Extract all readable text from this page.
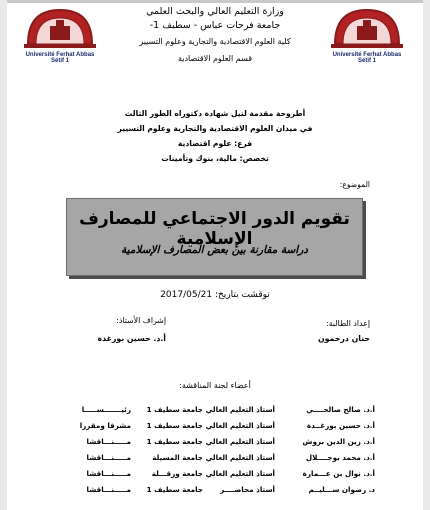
Université Ferhat Abbas Sétif 1
Université Ferhat Abbas Sétif 1
وزارة التعليم العالي والبحث العلمي
جامعة فرحات عباس - سطيف 1-
كلية العلوم الاقتصادية والتجارية وعلوم التسيير
قسم العلوم الاقتصادية
أطروحة مقدمة لنيل شهادة دكتوراه الطور الثالث
في ميدان العلوم الاقتصادية والتجارية وعلوم التسيير
فرع: علوم اقتصادية
تخصص: مالية، بنوك وتأمينات
الموضوع:
تقويم الدور الاجتماعي للمصارف الإسلامية
دراسة مقارنة بين بعض المصارف الإسلامية
نوقشت بتاريخ: 2017/05/21
إعداد الطالبة:
حنان درحمون
إشراف الأستاذ:
أ.د. حسين بورغدة
أعضاء لجنة المناقشة:
أ.د. صالح صالحــــي
أستاذ التعليم العالي
جامعة سطيف 1
رئيـــــــســـــا
أ.د. حسين بورغــدة
أستاذ التعليم العالي
جامعة سطيف 1
مشرفا ومقررا
أ.د. زين الدين بروش
أستاذ التعليم العالي
جامعة سطيف 1
مـــــنـــاقشا
أ.د. محمد بوجــــلال
أستاذ التعليم العالي
جامعة المسيلة
مـــــنـــاقشا
أ.د. نوال بن عـــمارة
أستاذ التعليم العالي
جامعة ورقـــلة
مـــــنـــاقشا
د. رضوان ســـليــم
أستاذ محاضــــر
جامعة سطيف 1
مـــــنـــاقشا
